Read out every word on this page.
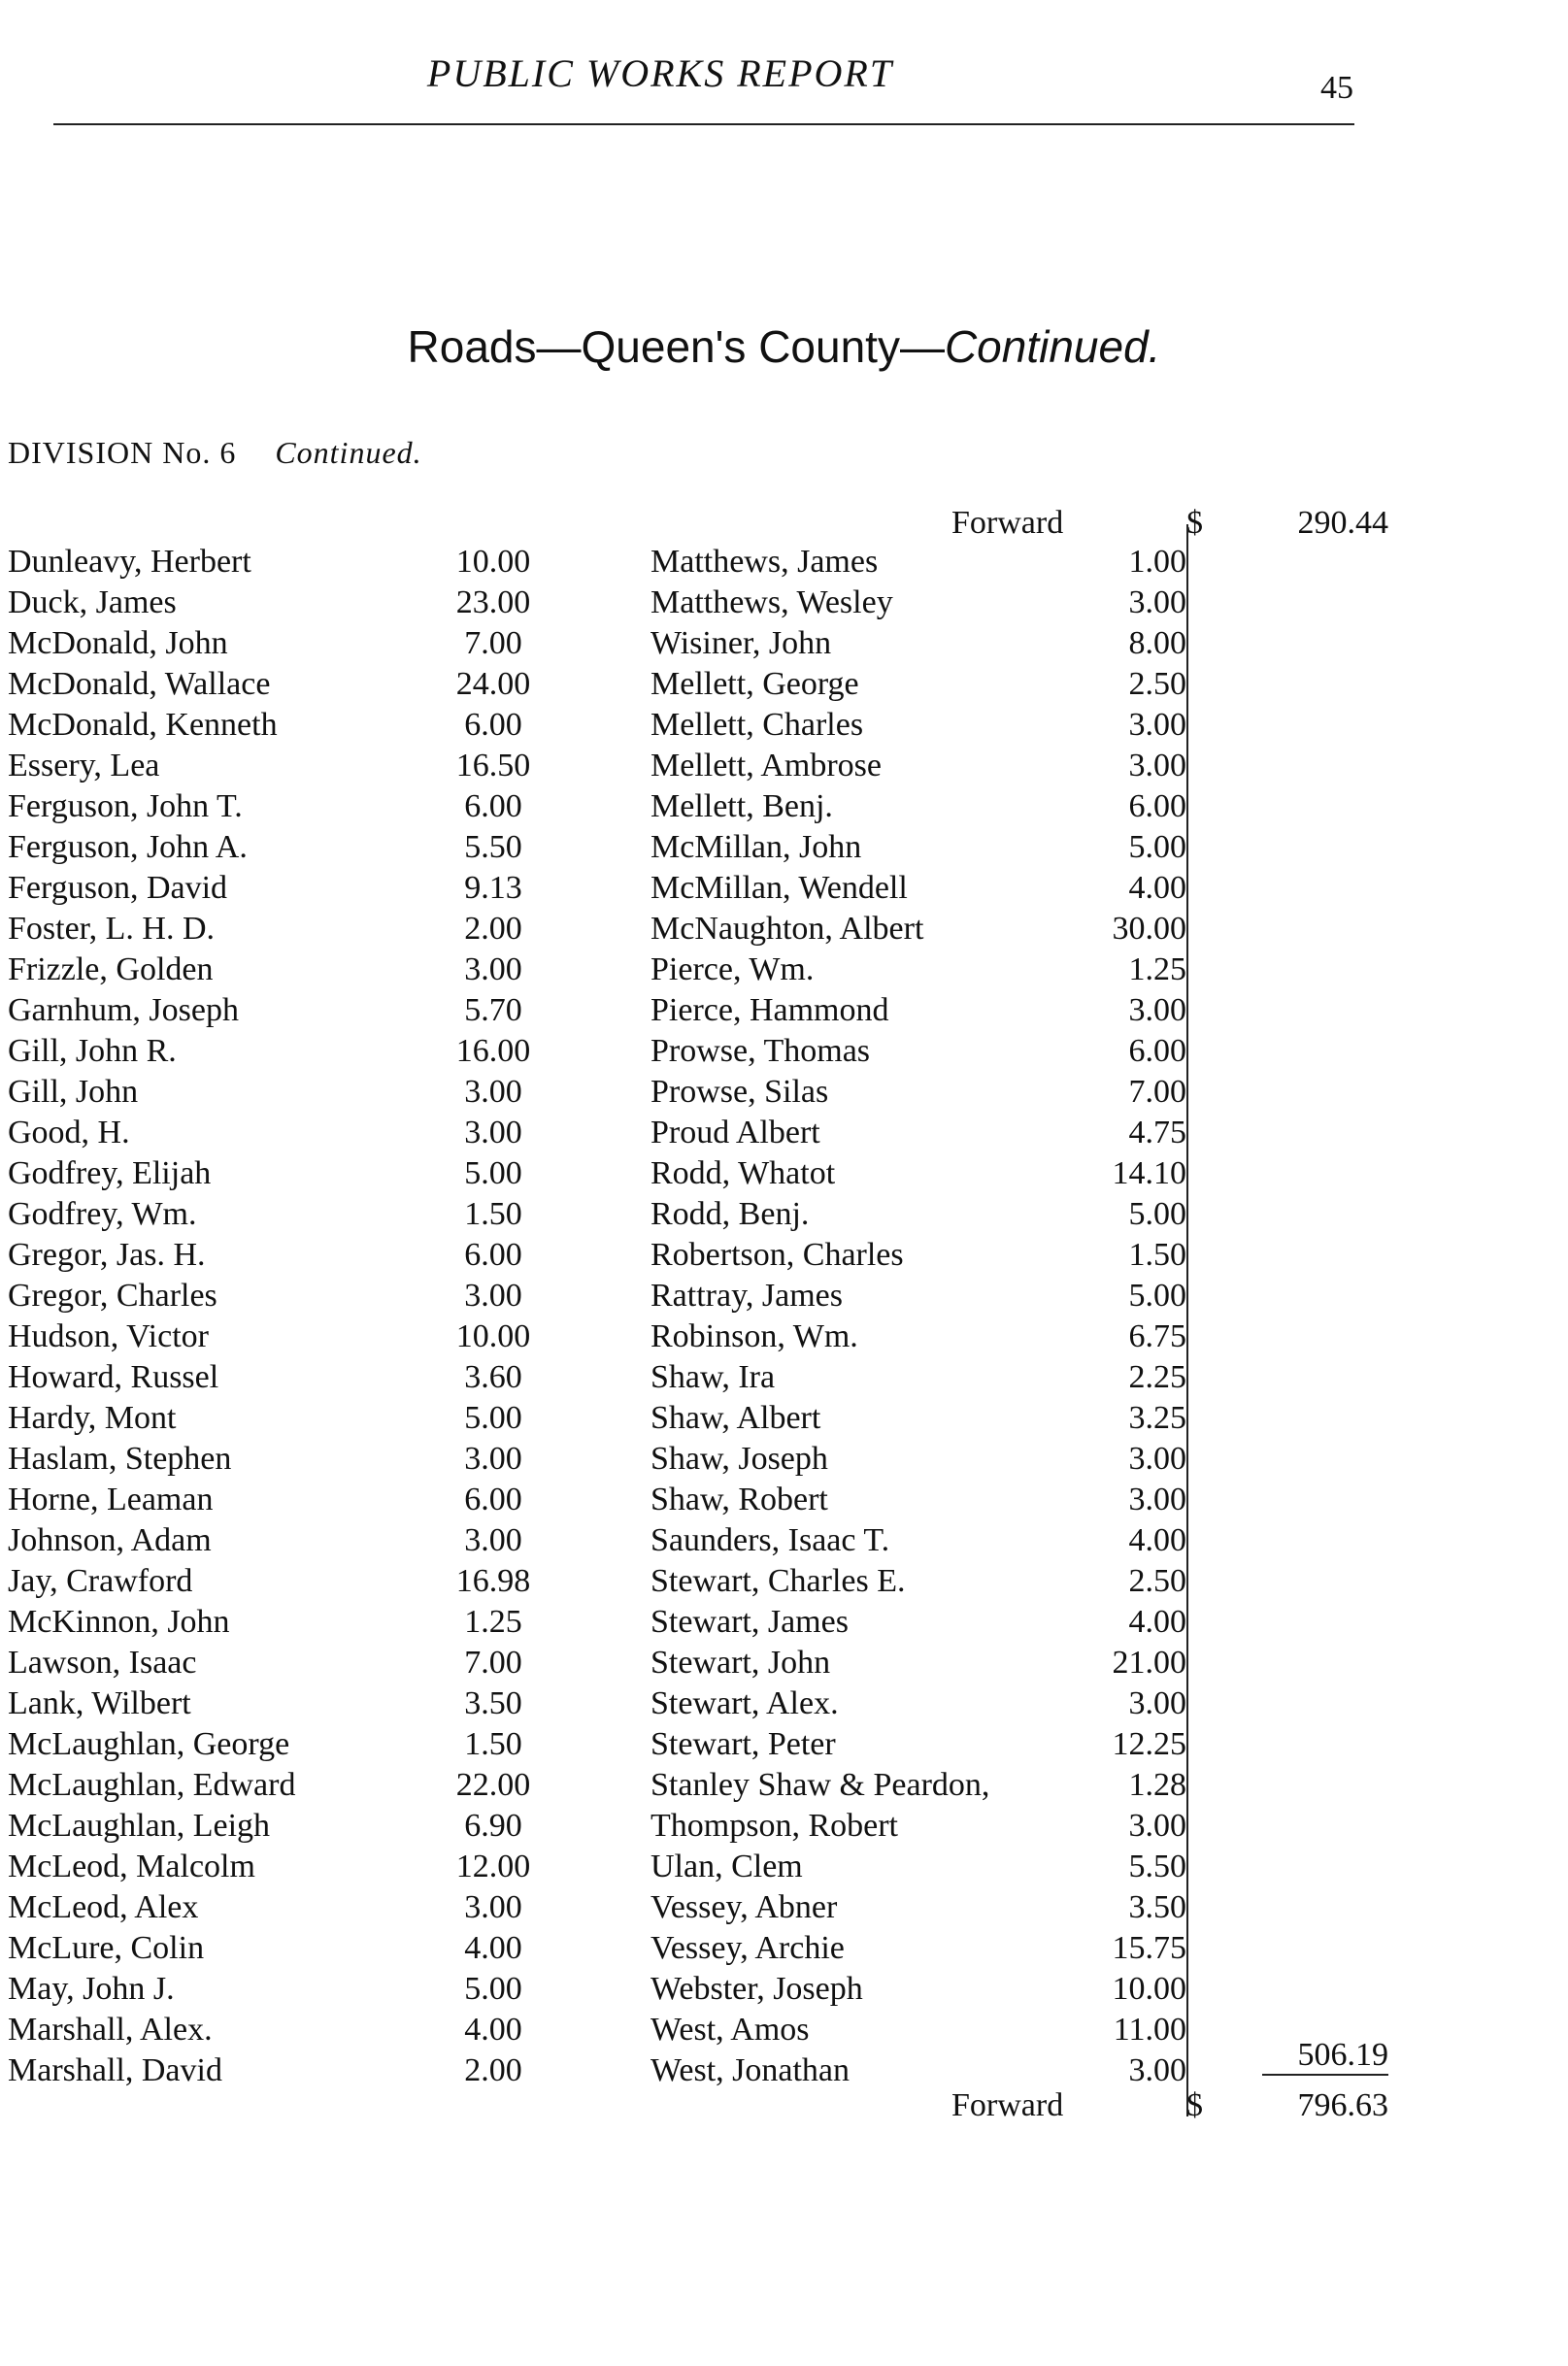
PUBLIC WORKS REPORT	45
Roads—Queen's County—Continued.
DIVISION No. 6 Continued.
Forward	$	290.44
Dunleavy, Herbert	10.00
Duck, James	23.00
McDonald, John	7.00
McDonald, Wallace	24.00
McDonald, Kenneth	6.00
Essery, Lea	16.50
Ferguson, John T.	6.00
Ferguson, John A.	5.50
Ferguson, David	9.13
Foster, L. H. D.	2.00
Frizzle, Golden	3.00
Garnhum, Joseph	5.70
Gill, John R.	16.00
Gill, John	3.00
Good, H.	3.00
Godfrey, Elijah	5.00
Godfrey, Wm.	1.50
Gregor, Jas. H.	6.00
Gregor, Charles	3.00
Hudson, Victor	10.00
Howard, Russel	3.60
Hardy, Mont	5.00
Haslam, Stephen	3.00
Horne, Leaman	6.00
Johnson, Adam	3.00
Jay, Crawford	16.98
McKinnon, John	1.25
Lawson, Isaac	7.00
Lank, Wilbert	3.50
McLaughlan, George	1.50
McLaughlan, Edward	22.00
McLaughlan, Leigh	6.90
McLeod, Malcolm	12.00
McLeod, Alex	3.00
McLure, Colin	4.00
May, John J.	5.00
Marshall, Alex.	4.00
Marshall, David	2.00
Matthews, James	1.00
Matthews, Wesley	3.00
Wisiner, John	8.00
Mellett, George	2.50
Mellett, Charles	3.00
Mellett, Ambrose	3.00
Mellett, Benj.	6.00
McMillan, John	5.00
McMillan, Wendell	4.00
McNaughton, Albert	30.00
Pierce, Wm.	1.25
Pierce, Hammond	3.00
Prowse, Thomas	6.00
Prowse, Silas	7.00
Proud Albert	4.75
Rodd, Whatot	14.10
Rodd, Benj.	5.00
Robertson, Charles	1.50
Rattray, James	5.00
Robinson, Wm.	6.75
Shaw, Ira	2.25
Shaw, Albert	3.25
Shaw, Joseph	3.00
Shaw, Robert	3.00
Saunders, Isaac T.	4.00
Stewart, Charles E.	2.50
Stewart, James	4.00
Stewart, John	21.00
Stewart, Alex.	3.00
Stewart, Peter	12.25
Stanley Shaw & Peardon,	1.28
Thompson, Robert	3.00
Ulan, Clem	5.50
Vessey, Abner	3.50
Vessey, Archie	15.75
Webster, Joseph	10.00
West, Amos	11.00
West, Jonathan	3.00	506.19
Forward	$	796.63
